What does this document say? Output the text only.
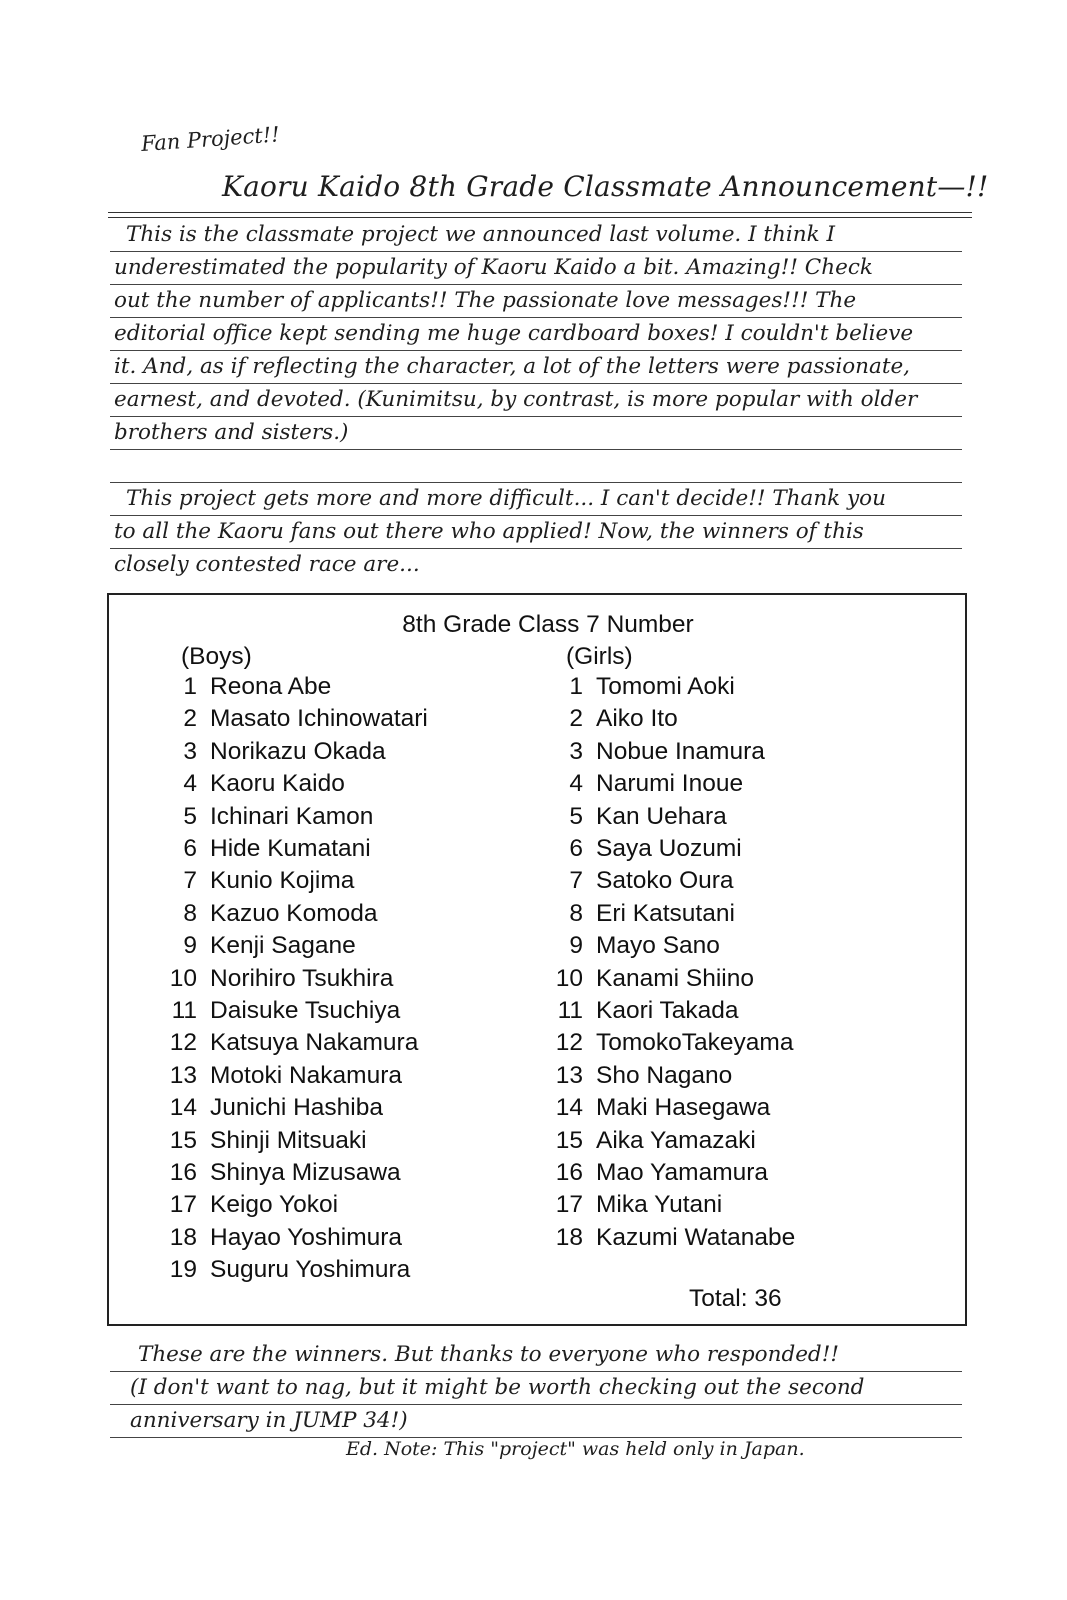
Fan Project!!
Kaoru Kaido 8th Grade Classmate Announcement—!!
This is the classmate project we announced last volume. I think I
underestimated the popularity of Kaoru Kaido a bit. Amazing!! Check
out the number of applicants!! The passionate love messages!!! The
editorial office kept sending me huge cardboard boxes! I couldn't believe
it. And, as if reflecting the character, a lot of the letters were passionate,
earnest, and devoted. (Kunimitsu, by contrast, is more popular with older
brothers and sisters.)
This project gets more and more difficult... I can't decide!! Thank you
to all the Kaoru fans out there who applied! Now, the winners of this
closely contested race are...
8th Grade Class 7 Number
(Boys)	(Girls)
1 Reona Abe
2 Masato Ichinowatari
3 Norikazu Okada
4 Kaoru Kaido
5 Ichinari Kamon
6 Hide Kumatani
7 Kunio Kojima
8 Kazuo Komoda
9 Kenji Sagane
10 Norihiro Tsukhira
11 Daisuke Tsuchiya
12 Katsuya Nakamura
13 Motoki Nakamura
14 Junichi Hashiba
15 Shinji Mitsuaki
16 Shinya Mizusawa
17 Keigo Yokoi
18 Hayao Yoshimura
19 Suguru Yoshimura
1 Tomomi Aoki
2 Aiko Ito
3 Nobue Inamura
4 Narumi Inoue
5 Kan Uehara
6 Saya Uozumi
7 Satoko Oura
8 Eri Katsutani
9 Mayo Sano
10 Kanami Shiino
11 Kaori Takada
12 TomokoTakeyama
13 Sho Nagano
14 Maki Hasegawa
15 Aika Yamazaki
16 Mao Yamamura
17 Mika Yutani
18 Kazumi Watanabe
Total: 36
These are the winners. But thanks to everyone who responded!!
(I don't want to nag, but it might be worth checking out the second
anniversary in JUMP 34!)
Ed. Note: This "project" was held only in Japan.
